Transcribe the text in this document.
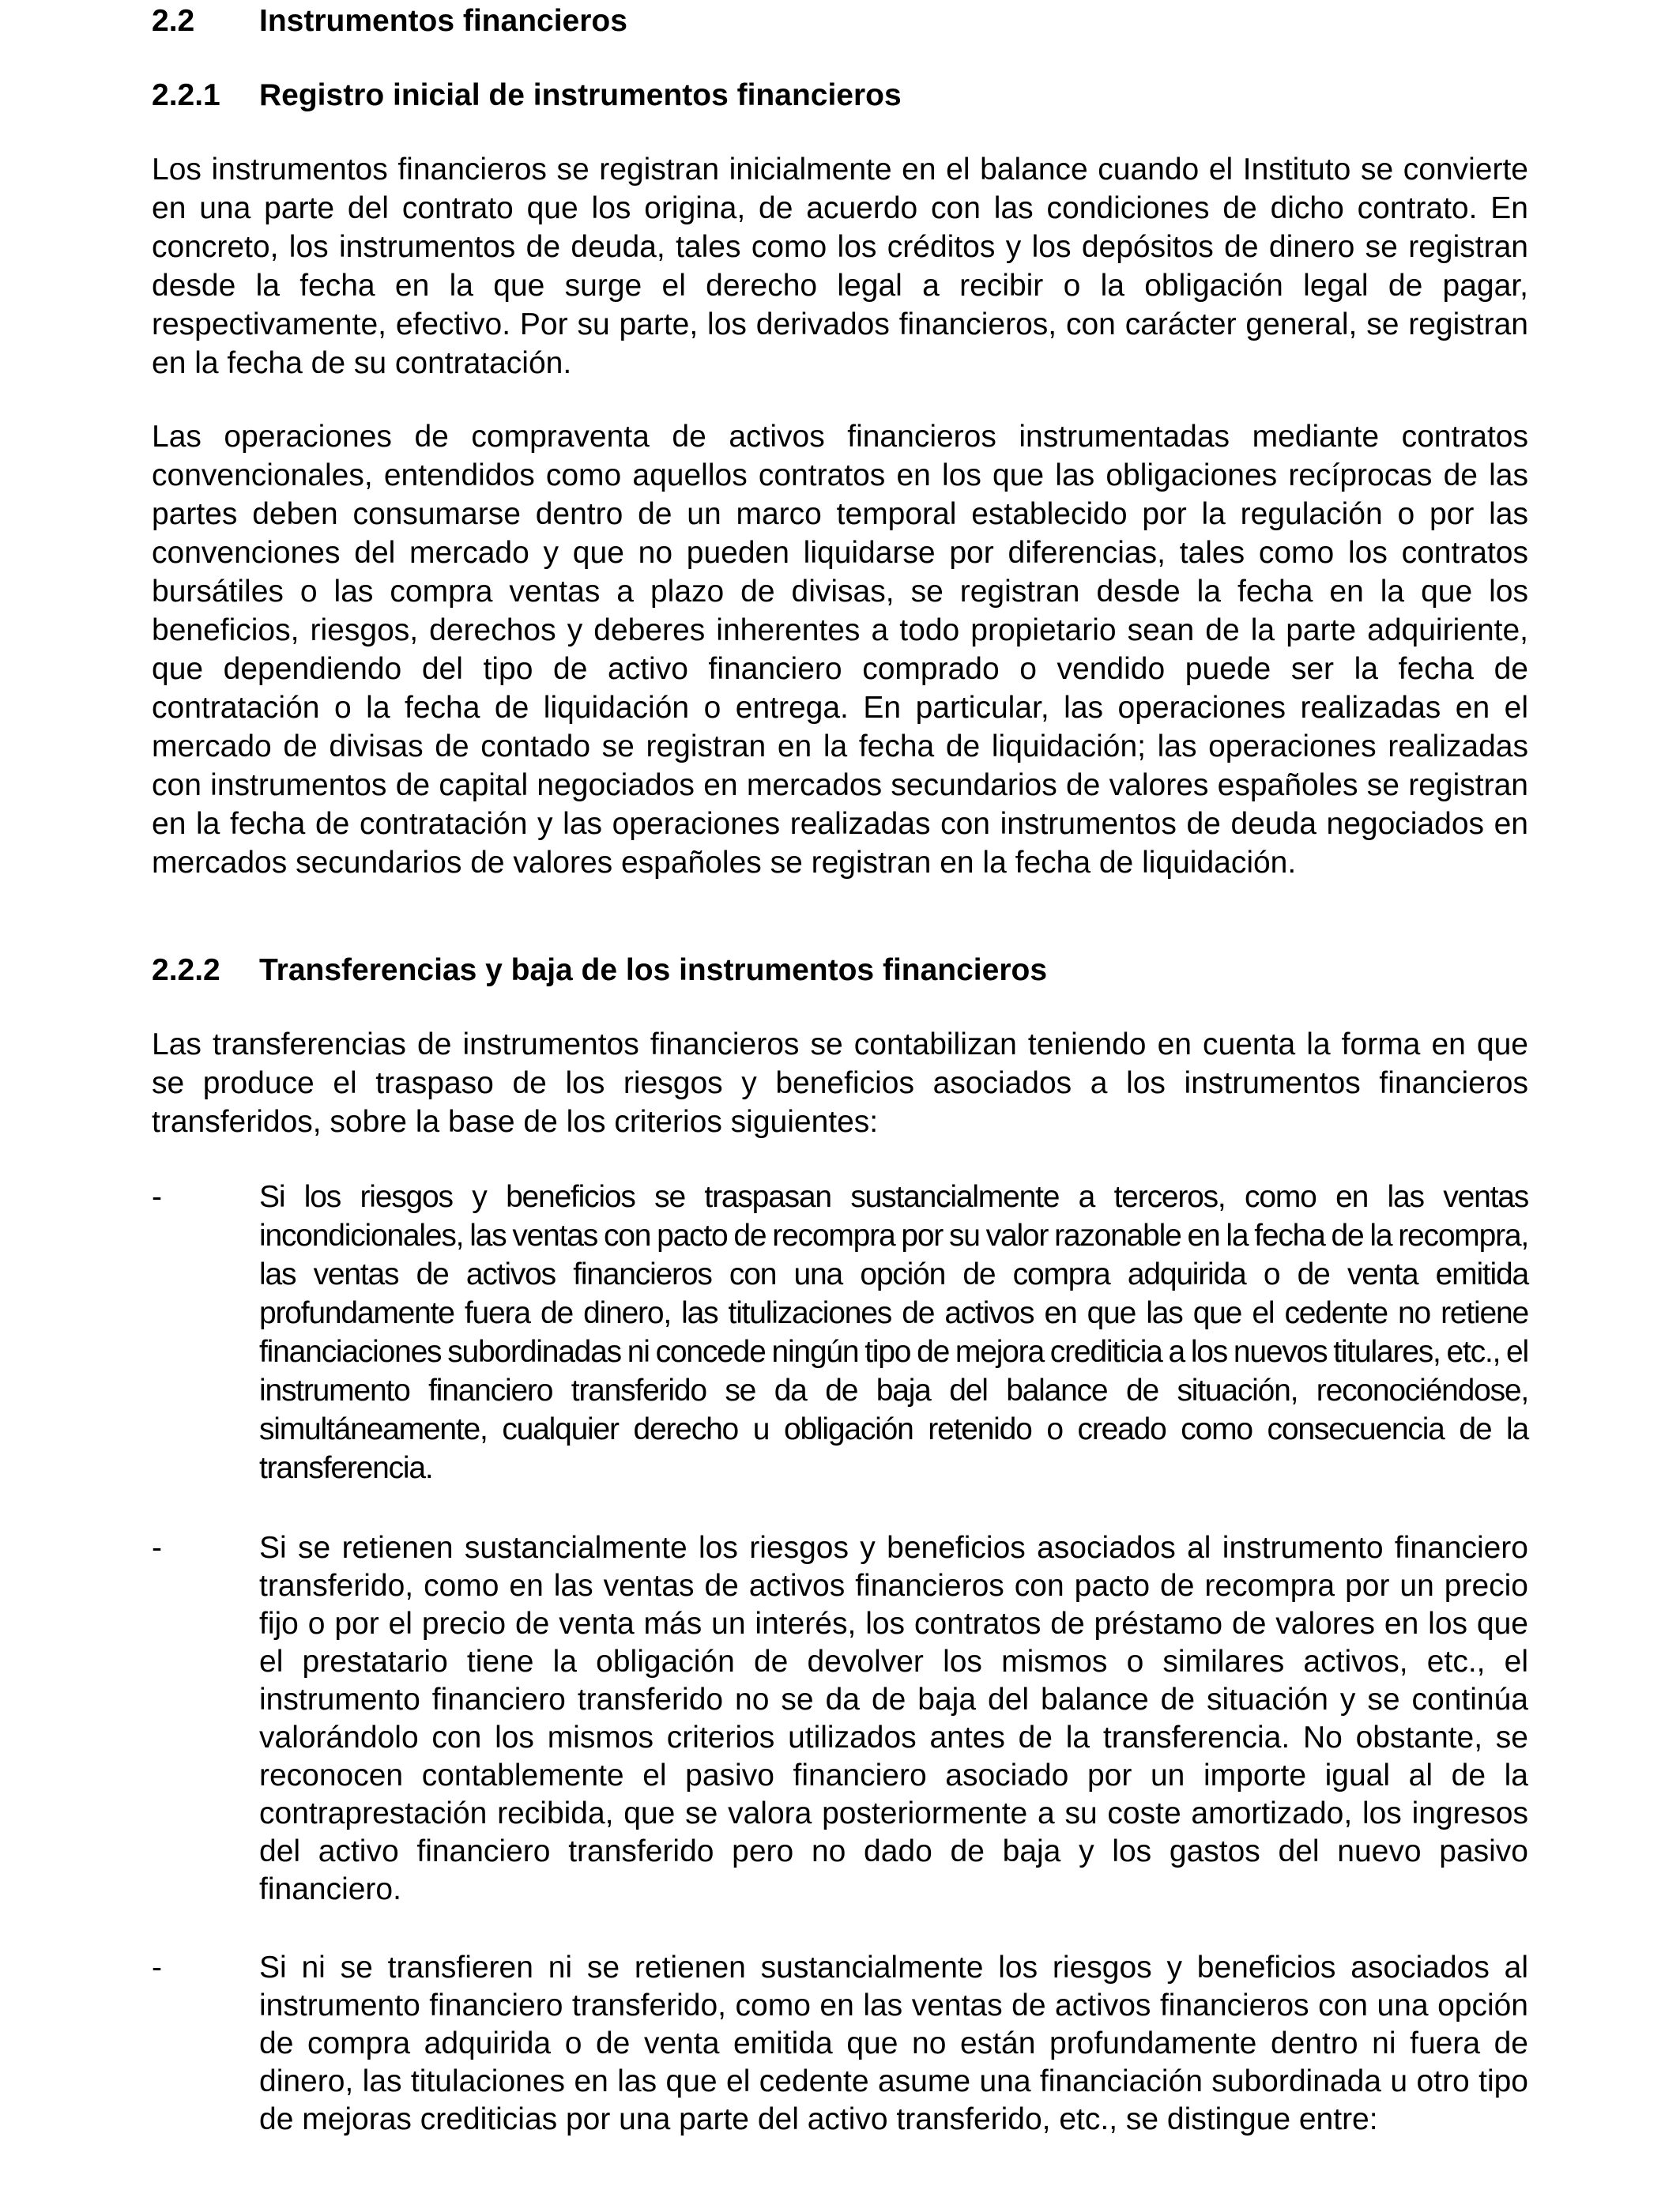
2.2 Instrumentos financieros
2.2.1 Registro inicial de instrumentos financieros

Los instrumentos financieros se registran inicialmente en el balance cuando el Instituto se convierte en una parte del contrato que los origina, de acuerdo con las condiciones de dicho contrato. En concreto, los instrumentos de deuda, tales como los créditos y los depósitos de dinero se registran desde la fecha en la que surge el derecho legal a recibir o la obligación legal de pagar, respectivamente, efectivo. Por su parte, los derivados financieros, con carácter general, se registran en la fecha de su contratación.

Las operaciones de compraventa de activos financieros instrumentadas mediante contratos convencionales, entendidos como aquellos contratos en los que las obligaciones recíprocas de las partes deben consumarse dentro de un marco temporal establecido por la regulación o por las convenciones del mercado y que no pueden liquidarse por diferencias, tales como los contratos bursátiles o las compra ventas a plazo de divisas, se registran desde la fecha en la que los beneficios, riesgos, derechos y deberes inherentes a todo propietario sean de la parte adquiriente, que dependiendo del tipo de activo financiero comprado o vendido puede ser la fecha de contratación o la fecha de liquidación o entrega. En particular, las operaciones realizadas en el mercado de divisas de contado se registran en la fecha de liquidación; las operaciones realizadas con instrumentos de capital negociados en mercados secundarios de valores españoles se registran en la fecha de contratación y las operaciones realizadas con instrumentos de deuda negociados en mercados secundarios de valores españoles se registran en la fecha de liquidación.

2.2.2 Transferencias y baja de los instrumentos financieros

Las transferencias de instrumentos financieros se contabilizan teniendo en cuenta la forma en que se produce el traspaso de los riesgos y beneficios asociados a los instrumentos financieros transferidos, sobre la base de los criterios siguientes:

-	Si los riesgos y beneficios se traspasan sustancialmente a terceros, como en las ventas incondicionales, las ventas con pacto de recompra por su valor razonable en la fecha de la recompra, las ventas de activos financieros con una opción de compra adquirida o de venta emitida profundamente fuera de dinero, las titulizaciones de activos en que las que el cedente no retiene financiaciones subordinadas ni concede ningún tipo de mejora crediticia a los nuevos titulares, etc., el instrumento financiero transferido se da de baja del balance de situación, reconociéndose, simultáneamente, cualquier derecho u obligación retenido o creado como consecuencia de la transferencia.
-	Si se retienen sustancialmente los riesgos y beneficios asociados al instrumento financiero transferido, como en las ventas de activos financieros con pacto de recompra por un precio fijo o por el precio de venta más un interés, los contratos de préstamo de valores en los que el prestatario tiene la obligación de devolver los mismos o similares activos, etc., el instrumento financiero transferido no se da de baja del balance de situación y se continúa valorándolo con los mismos criterios utilizados antes de la transferencia. No obstante, se reconocen contablemente el pasivo financiero asociado por un importe igual al de la contraprestación recibida, que se valora posteriormente a su coste amortizado, los ingresos del activo financiero transferido pero no dado de baja y los gastos del nuevo pasivo financiero.
-	Si ni se transfieren ni se retienen sustancialmente los riesgos y beneficios asociados al instrumento financiero transferido, como en las ventas de activos financieros con una opción de compra adquirida o de venta emitida que no están profundamente dentro ni fuera de dinero, las titulaciones en las que el cedente asume una financiación subordinada u otro tipo de mejoras crediticias por una parte del activo transferido, etc., se distingue entre:
